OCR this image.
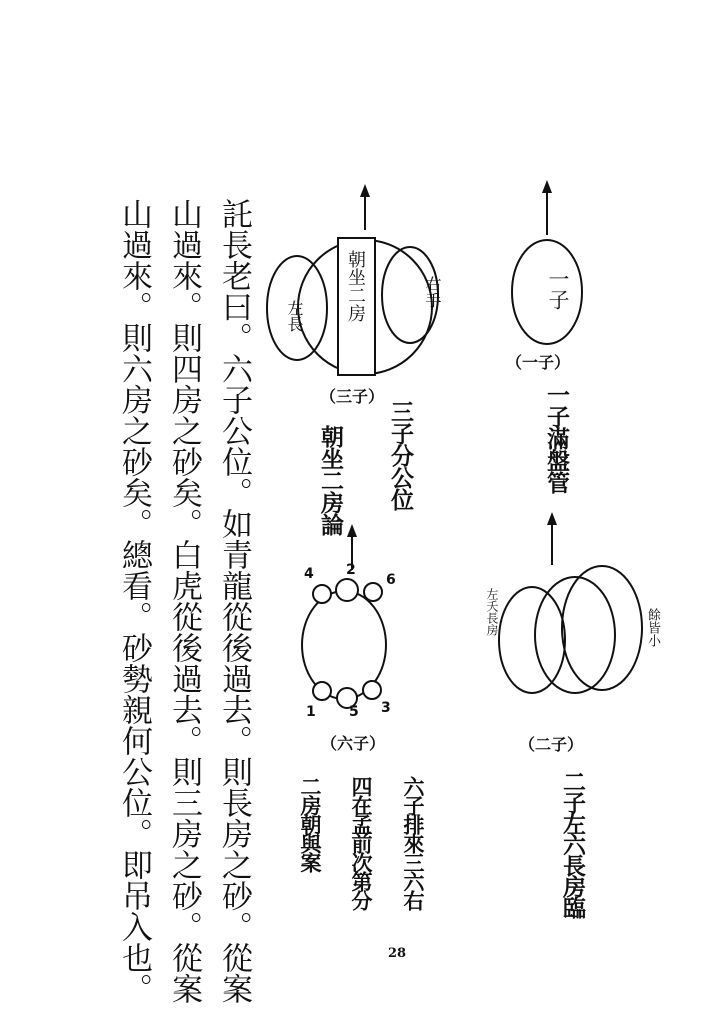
託長老曰。六子公位。如青龍從後過去。則長房之砂。從案
山過來。則四房之砂矣。白虎從後過去。則三房之砂。從案
山過來。則六房之砂矣。總看。砂勢親何公位。即吊入也。	一子
（一子）
一子滿盤管
左夭長房	餘皆小
（二子）
二子左六長房臨
朝坐二房
左長
右手
（三子）
三子分公位
朝坐二房論
4 2
6
1 5 3
（六子）
六子排來三六右
四在孟前次第分
二房朝與案
28
